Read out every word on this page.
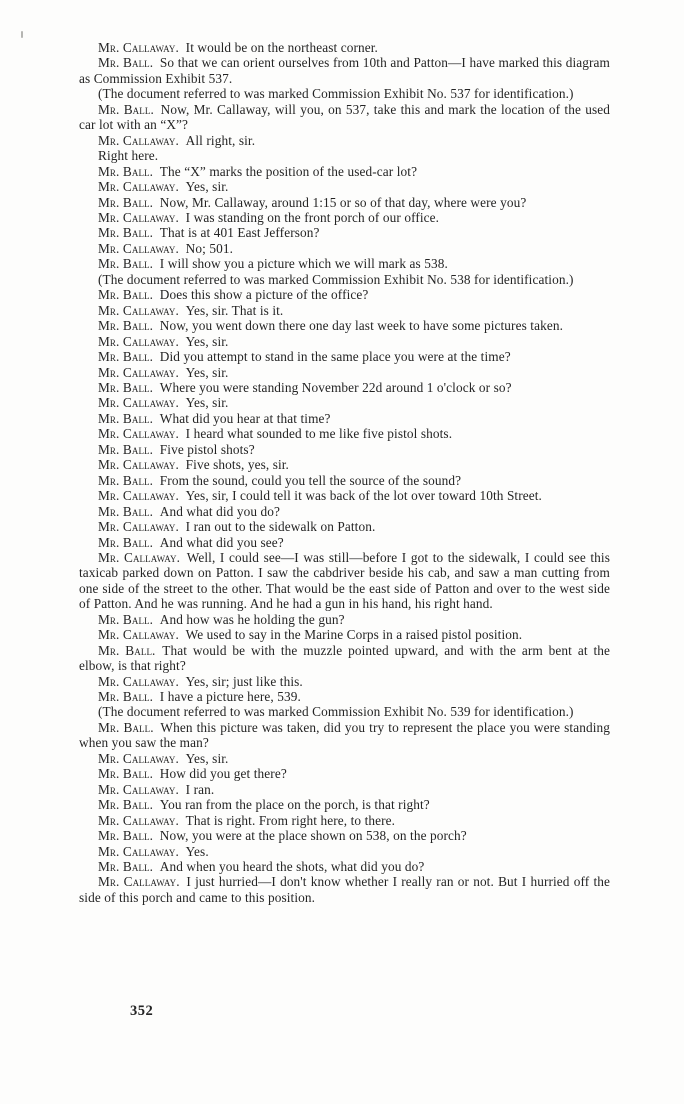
Mr. Callaway. It would be on the northeast corner.

Mr. Ball. So that we can orient ourselves from 10th and Patton—I have marked this diagram as Commission Exhibit 537.

(The document referred to was marked Commission Exhibit No. 537 for identification.)

Mr. Ball. Now, Mr. Callaway, will you, on 537, take this and mark the location of the used car lot with an “X”?

Mr. Callaway. All right, sir.

Right here.

Mr. Ball. The “X” marks the position of the used-car lot?

Mr. Callaway. Yes, sir.

Mr. Ball. Now, Mr. Callaway, around 1:15 or so of that day, where were you?

Mr. Callaway. I was standing on the front porch of our office.

Mr. Ball. That is at 401 East Jefferson?

Mr. Callaway. No; 501.

Mr. Ball. I will show you a picture which we will mark as 538.

(The document referred to was marked Commission Exhibit No. 538 for identification.)

Mr. Ball. Does this show a picture of the office?

Mr. Callaway. Yes, sir. That is it.

Mr. Ball. Now, you went down there one day last week to have some pictures taken.

Mr. Callaway. Yes, sir.

Mr. Ball. Did you attempt to stand in the same place you were at the time?

Mr. Callaway. Yes, sir.

Mr. Ball. Where you were standing November 22d around 1 o'clock or so?

Mr. Callaway. Yes, sir.

Mr. Ball. What did you hear at that time?

Mr. Callaway. I heard what sounded to me like five pistol shots.

Mr. Ball. Five pistol shots?

Mr. Callaway. Five shots, yes, sir.

Mr. Ball. From the sound, could you tell the source of the sound?

Mr. Callaway. Yes, sir, I could tell it was back of the lot over toward 10th Street.

Mr. Ball. And what did you do?

Mr. Callaway. I ran out to the sidewalk on Patton.

Mr. Ball. And what did you see?

Mr. Callaway. Well, I could see—I was still—before I got to the sidewalk, I could see this taxicab parked down on Patton. I saw the cabdriver beside his cab, and saw a man cutting from one side of the street to the other. That would be the east side of Patton and over to the west side of Patton. And he was running. And he had a gun in his hand, his right hand.

Mr. Ball. And how was he holding the gun?

Mr. Callaway. We used to say in the Marine Corps in a raised pistol position.

Mr. Ball. That would be with the muzzle pointed upward, and with the arm bent at the elbow, is that right?

Mr. Callaway. Yes, sir; just like this.

Mr. Ball. I have a picture here, 539.

(The document referred to was marked Commission Exhibit No. 539 for identification.)

Mr. Ball. When this picture was taken, did you try to represent the place you were standing when you saw the man?

Mr. Callaway. Yes, sir.

Mr. Ball. How did you get there?

Mr. Callaway. I ran.

Mr. Ball. You ran from the place on the porch, is that right?

Mr. Callaway. That is right. From right here, to there.

Mr. Ball. Now, you were at the place shown on 538, on the porch?

Mr. Callaway. Yes.

Mr. Ball. And when you heard the shots, what did you do?

Mr. Callaway. I just hurried—I don't know whether I really ran or not. But I hurried off the side of this porch and came to this position.

352
